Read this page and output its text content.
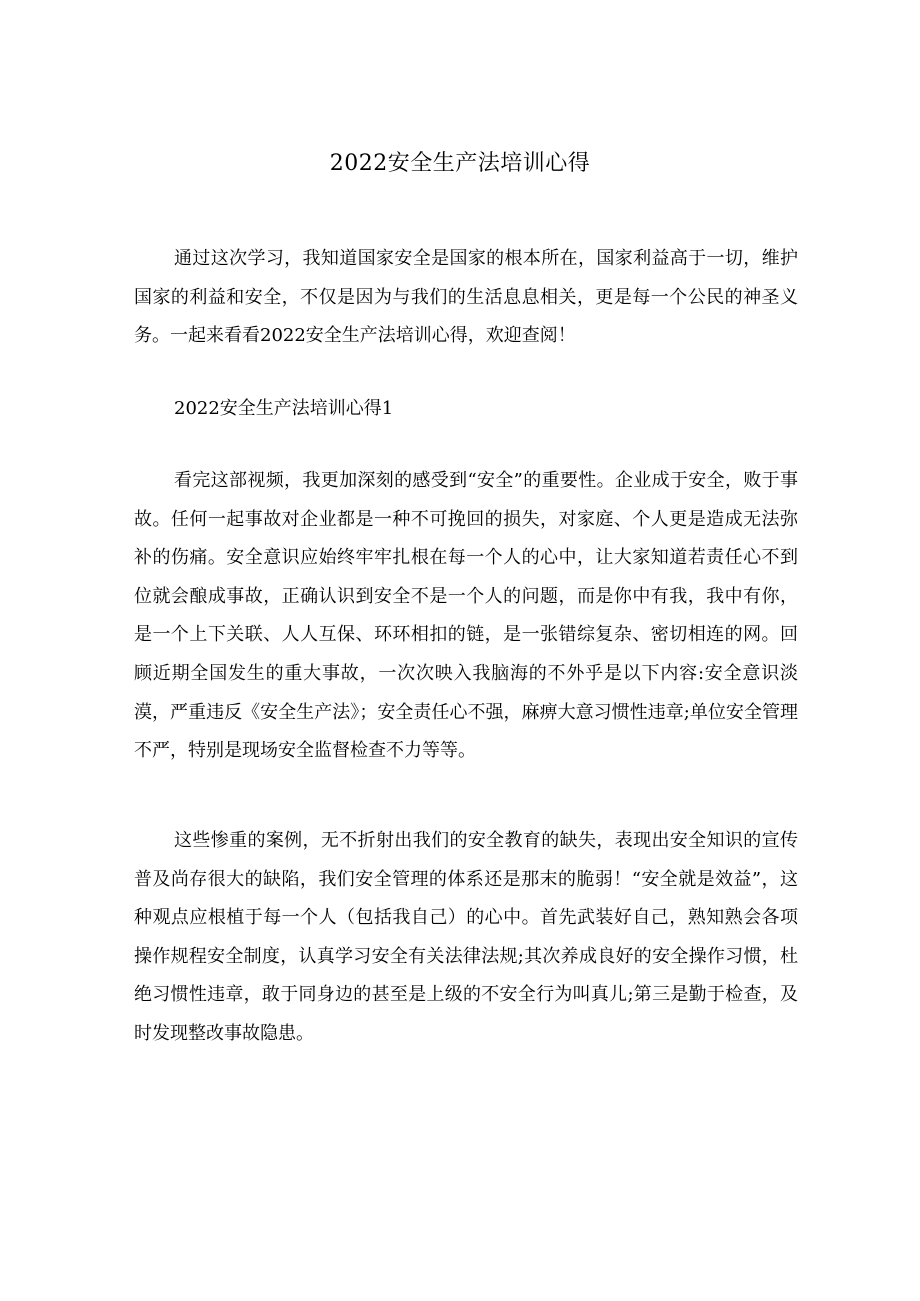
2022安全生产法培训心得

通过这次学习，我知道国家安全是国家的根本所在，国家利益高于一切，维护国家的利益和安全，不仅是因为与我们的生活息息相关，更是每一个公民的神圣义务。一起来看看2022安全生产法培训心得，欢迎查阅！

2022安全生产法培训心得1

看完这部视频，我更加深刻的感受到“安全”的重要性。企业成于安全，败于事故。任何一起事故对企业都是一种不可挽回的损失，对家庭、个人更是造成无法弥补的伤痛。安全意识应始终牢牢扎根在每一个人的心中，让大家知道若责任心不到位就会酿成事故，正确认识到安全不是一个人的问题，而是你中有我，我中有你，是一个上下关联、人人互保、环环相扣的链，是一张错综复杂、密切相连的网。回顾近期全国发生的重大事故，一次次映入我脑海的不外乎是以下内容:安全意识淡漠，严重违反《安全生产法》；安全责任心不强，麻痹大意习惯性违章;单位安全管理不严，特别是现场安全监督检查不力等等。

这些惨重的案例，无不折射出我们的安全教育的缺失，表现出安全知识的宣传普及尚存很大的缺陷，我们安全管理的体系还是那末的脆弱！“安全就是效益”，这种观点应根植于每一个人（包括我自己）的心中。首先武装好自己，熟知熟会各项操作规程安全制度，认真学习安全有关法律法规;其次养成良好的安全操作习惯，杜绝习惯性违章，敢于同身边的甚至是上级的不安全行为叫真儿;第三是勤于检查，及时发现整改事故隐患。
